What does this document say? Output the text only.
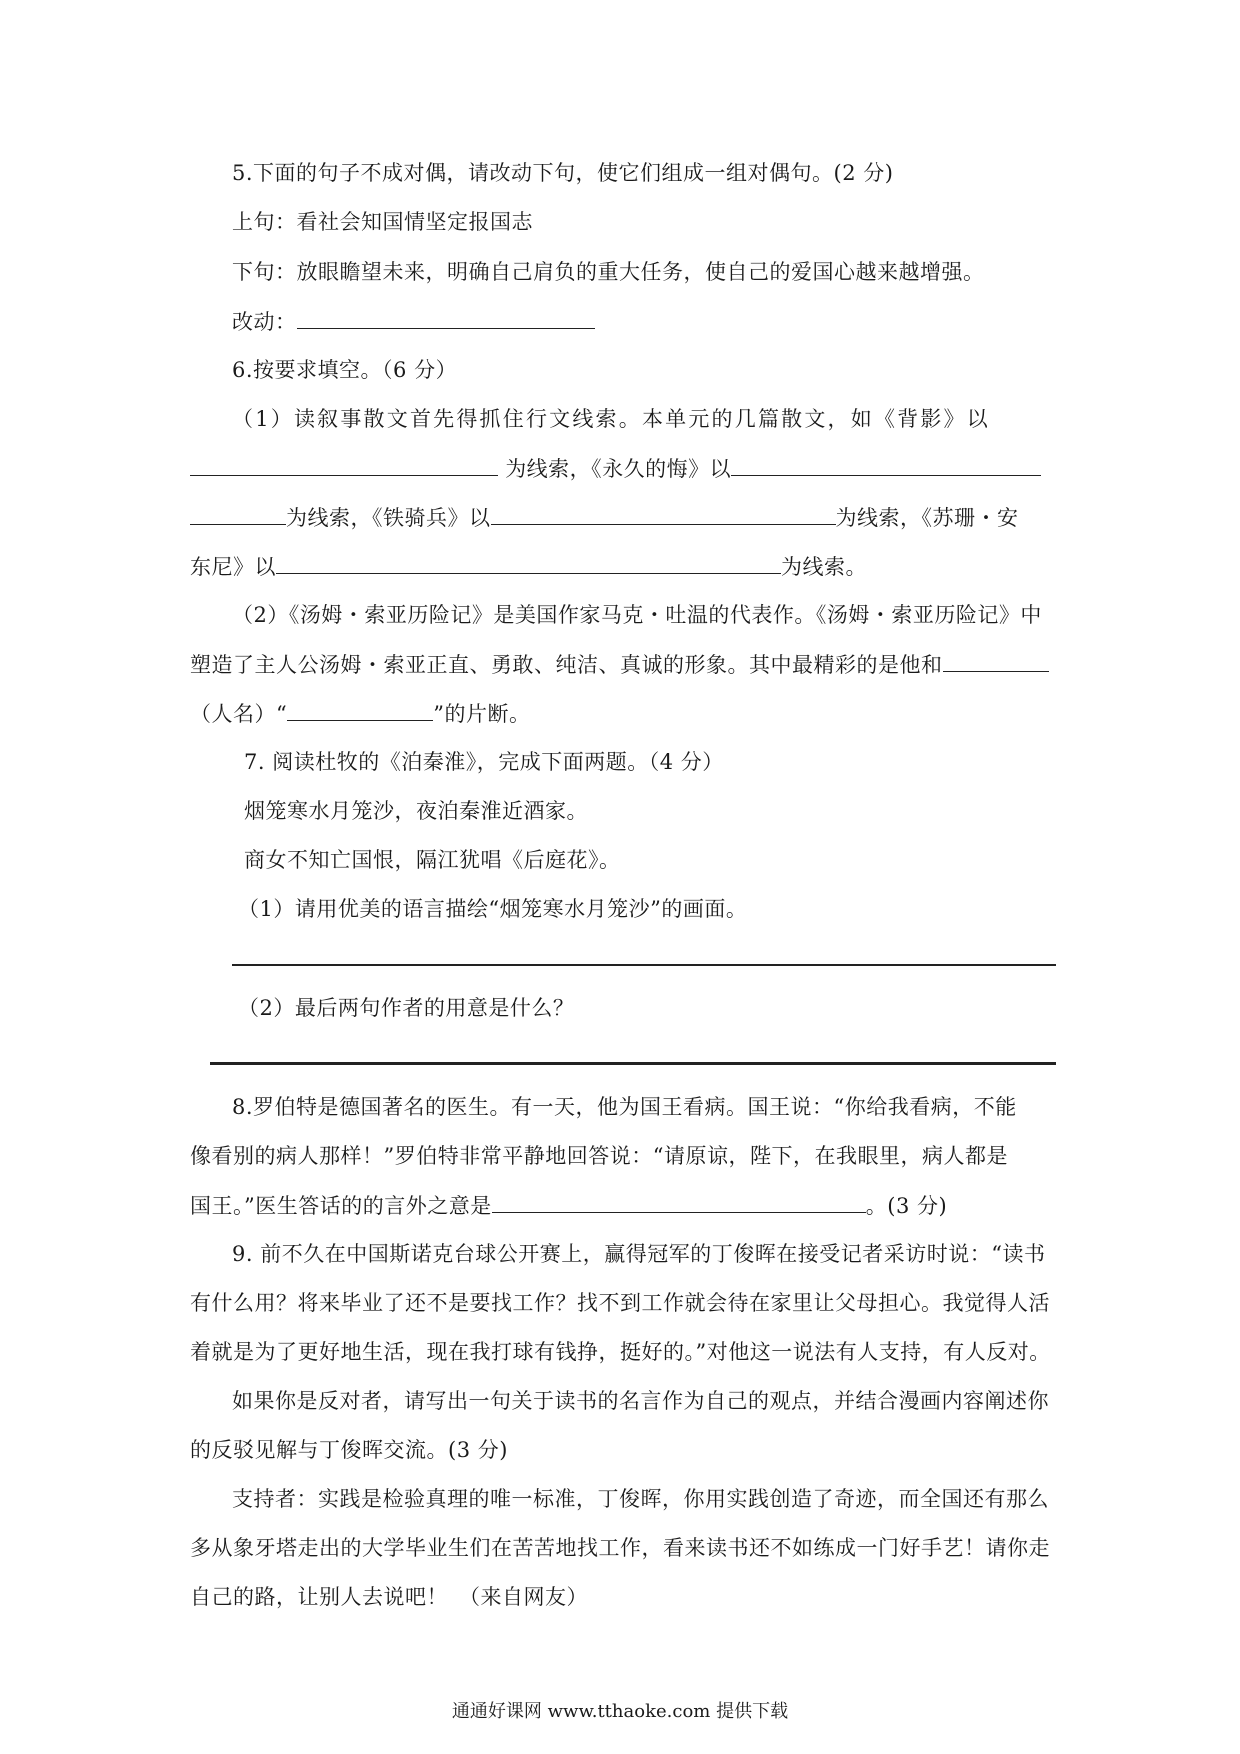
5.下面的句子不成对偶，请改动下句，使它们组成一组对偶句。(2 分)
上句：看社会知国情坚定报国志
下句：放眼瞻望未来，明确自己肩负的重大任务，使自己的爱国心越来越增强。
改动：
6.按要求填空。（6 分）
（1）读叙事散文首先得抓住行文线索。本单元的几篇散文，如《背影》以
为线索，《永久的悔》以
为线索，《铁骑兵》以	为线索，《苏珊・安
东尼》以	为线索。
（2）《汤姆・索亚历险记》是美国作家马克・吐温的代表作。《汤姆・索亚历险记》中
塑造了主人公汤姆・索亚正直、勇敢、纯洁、真诚的形象。其中最精彩的是他和
（人名）“	”的片断。
7. 阅读杜牧的《泊秦淮》，完成下面两题。（4 分）
烟笼寒水月笼沙，夜泊秦淮近酒家。
商女不知亡国恨，隔江犹唱《后庭花》。
（1）请用优美的语言描绘“烟笼寒水月笼沙”的画面。
（2）最后两句作者的用意是什么？
8.罗伯特是德国著名的医生。有一天，他为国王看病。国王说：“你给我看病，不能
像看别的病人那样！”罗伯特非常平静地回答说：“请原谅，陛下，在我眼里，病人都是
国王。”医生答话的的言外之意是	。(3 分)
9. 前不久在中国斯诺克台球公开赛上，赢得冠军的丁俊晖在接受记者采访时说：“读书
有什么用？将来毕业了还不是要找工作？找不到工作就会待在家里让父母担心。我觉得人活
着就是为了更好地生活，现在我打球有钱挣，挺好的。”对他这一说法有人支持，有人反对。
如果你是反对者，请写出一句关于读书的名言作为自己的观点，并结合漫画内容阐述你
的反驳见解与丁俊晖交流。(3 分)
支持者：实践是检验真理的唯一标准，丁俊晖，你用实践创造了奇迹，而全国还有那么
多从象牙塔走出的大学毕业生们在苦苦地找工作，看来读书还不如练成一门好手艺！请你走
自己的路，让别人去说吧！　（来自网友）
通通好课网 www.tthaoke.com 提供下载
